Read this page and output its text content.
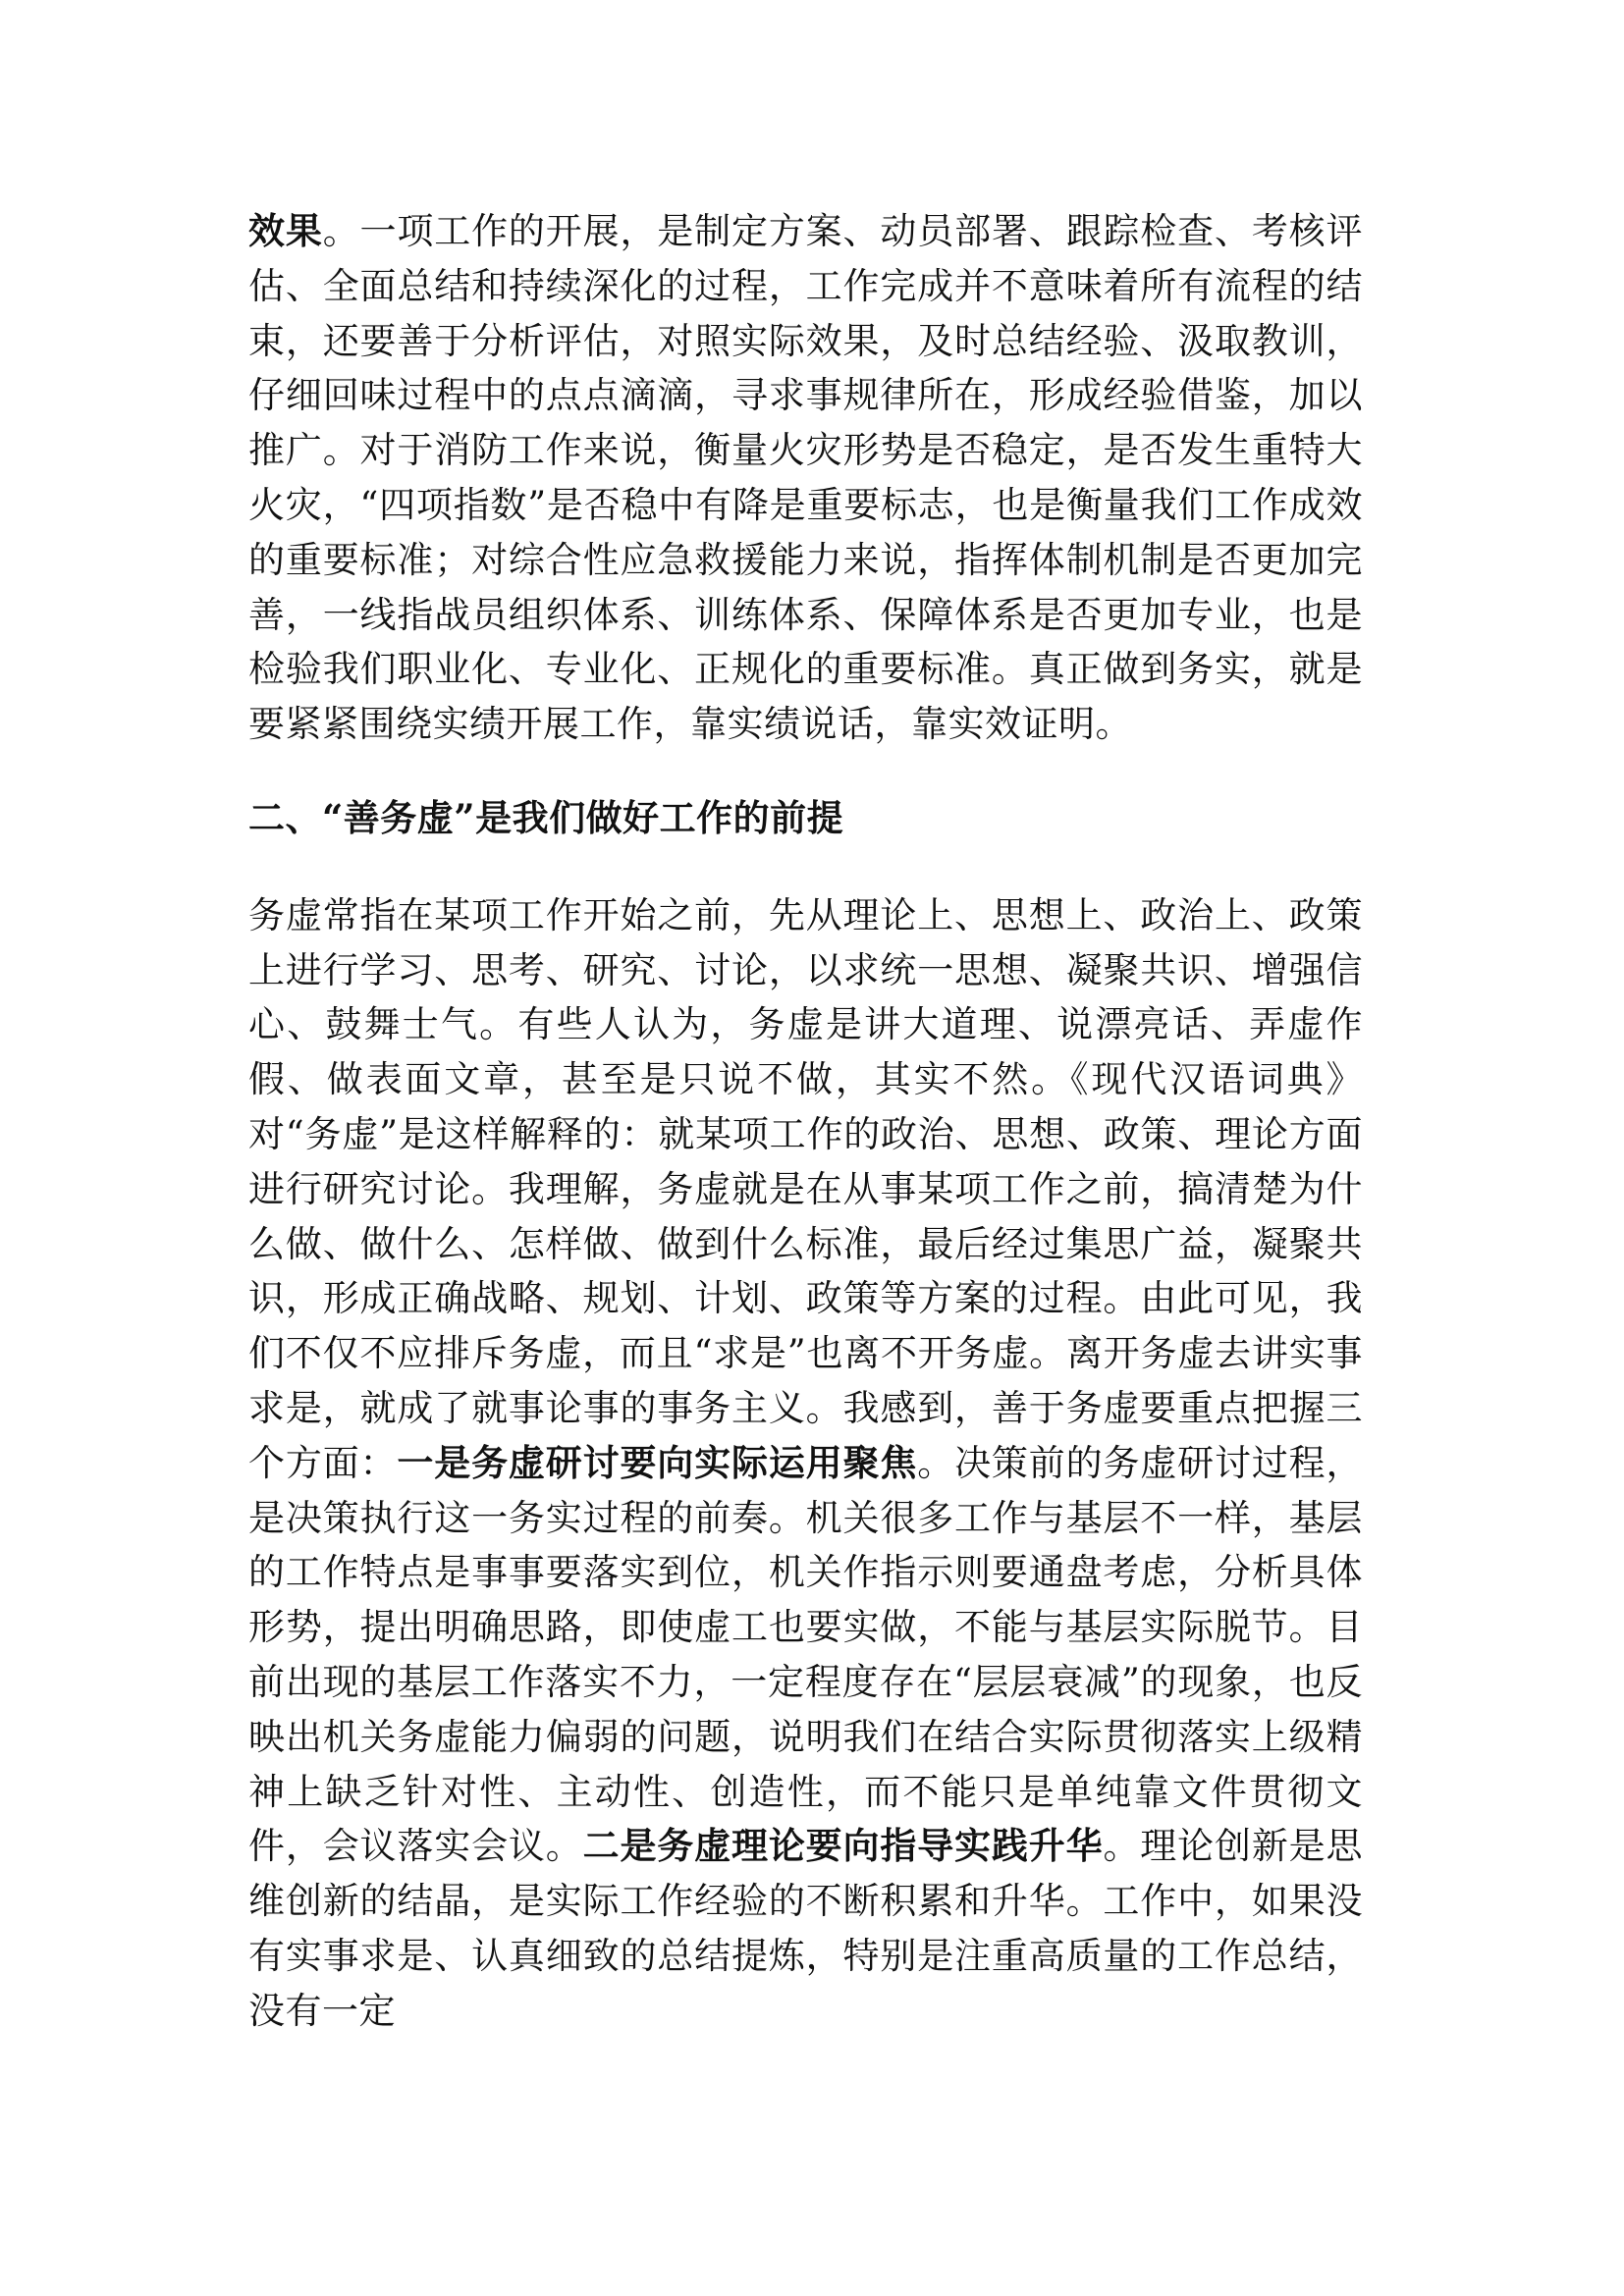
效果。一项工作的开展，是制定方案、动员部署、跟踪检查、考核评估、全面总结和持续深化的过程，工作完成并不意味着所有流程的结束，还要善于分析评估，对照实际效果，及时总结经验、汲取教训，仔细回味过程中的点点滴滴，寻求事规律所在，形成经验借鉴，加以推广。对于消防工作来说，衡量火灾形势是否稳定，是否发生重特大火灾，“四项指数”是否稳中有降是重要标志，也是衡量我们工作成效的重要标准；对综合性应急救援能力来说，指挥体制机制是否更加完善，一线指战员组织体系、训练体系、保障体系是否更加专业，也是检验我们职业化、专业化、正规化的重要标准。真正做到务实，就是要紧紧围绕实绩开展工作，靠实绩说话，靠实效证明。

二、“善务虚”是我们做好工作的前提

务虚常指在某项工作开始之前，先从理论上、思想上、政治上、政策上进行学习、思考、研究、讨论，以求统一思想、凝聚共识、增强信心、鼓舞士气。有些人认为，务虚是讲大道理、说漂亮话、弄虚作假、做表面文章，甚至是只说不做，其实不然。《现代汉语词典》对“务虚”是这样解释的：就某项工作的政治、思想、政策、理论方面进行研究讨论。我理解，务虚就是在从事某项工作之前，搞清楚为什么做、做什么、怎样做、做到什么标准，最后经过集思广益，凝聚共识，形成正确战略、规划、计划、政策等方案的过程。由此可见，我们不仅不应排斥务虚，而且“求是”也离不开务虚。离开务虚去讲实事求是，就成了就事论事的事务主义。我感到，善于务虚要重点把握三个方面：一是务虚研讨要向实际运用聚焦。决策前的务虚研讨过程，是决策执行这一务实过程的前奏。机关很多工作与基层不一样，基层的工作特点是事事要落实到位，机关作指示则要通盘考虑，分析具体形势，提出明确思路，即使虚工也要实做，不能与基层实际脱节。目前出现的基层工作落实不力，一定程度存在“层层衰减”的现象，也反映出机关务虚能力偏弱的问题，说明我们在结合实际贯彻落实上级精神上缺乏针对性、主动性、创造性，而不能只是单纯靠文件贯彻文件，会议落实会议。二是务虚理论要向指导实践升华。理论创新是思维创新的结晶，是实际工作经验的不断积累和升华。工作中，如果没有实事求是、认真细致的总结提炼，特别是注重高质量的工作总结，没有一定
